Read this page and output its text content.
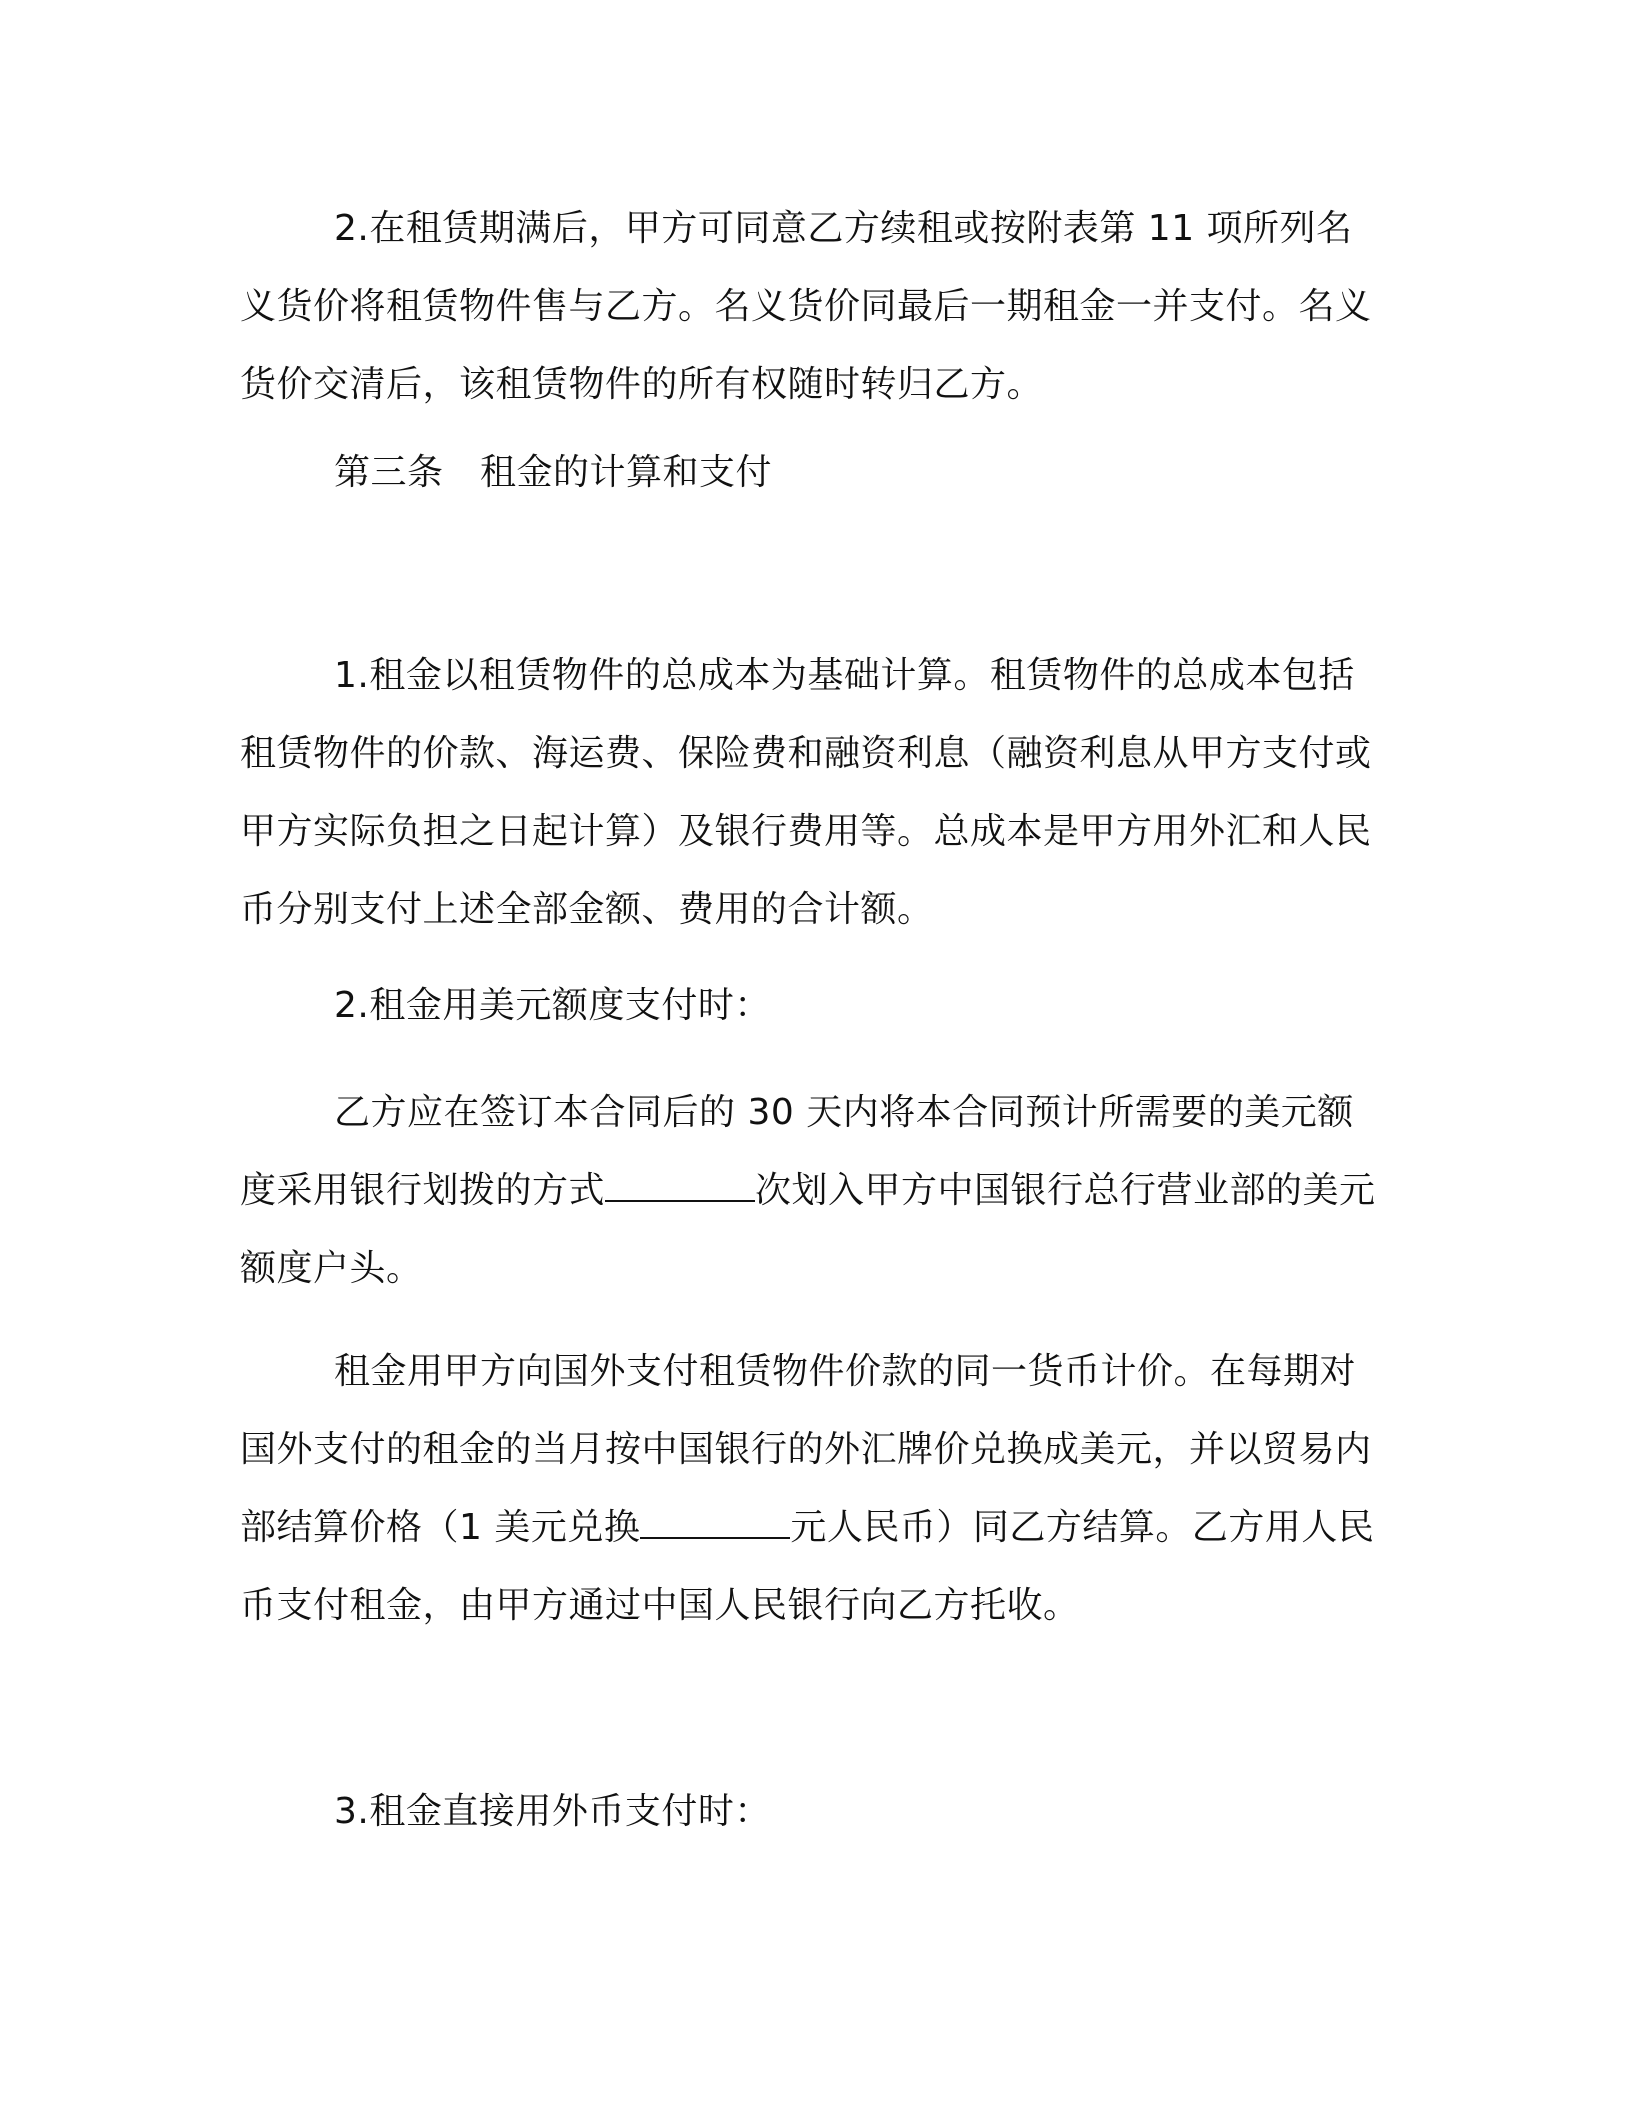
2.在租赁期满后，甲方可同意乙方续租或按附表第 11 项所列名义货价将租赁物件售与乙方。名义货价同最后一期租金一并支付。名义货价交清后，该租赁物件的所有权随时转归乙方。

第三条　租金的计算和支付

1.租金以租赁物件的总成本为基础计算。租赁物件的总成本包括租赁物件的价款、海运费、保险费和融资利息（融资利息从甲方支付或甲方实际负担之日起计算）及银行费用等。总成本是甲方用外汇和人民币分别支付上述全部金额、费用的合计额。

2.租金用美元额度支付时：

乙方应在签订本合同后的 30 天内将本合同预计所需要的美元额度采用银行划拨的方式	次划入甲方中国银行总行营业部的美元额度户头。

租金用甲方向国外支付租赁物件价款的同一货币计价。在每期对国外支付的租金的当月按中国银行的外汇牌价兑换成美元，并以贸易内部结算价格（1 美元兑换	元人民币）同乙方结算。乙方用人民币支付租金，由甲方通过中国人民银行向乙方托收。

3.租金直接用外币支付时：
